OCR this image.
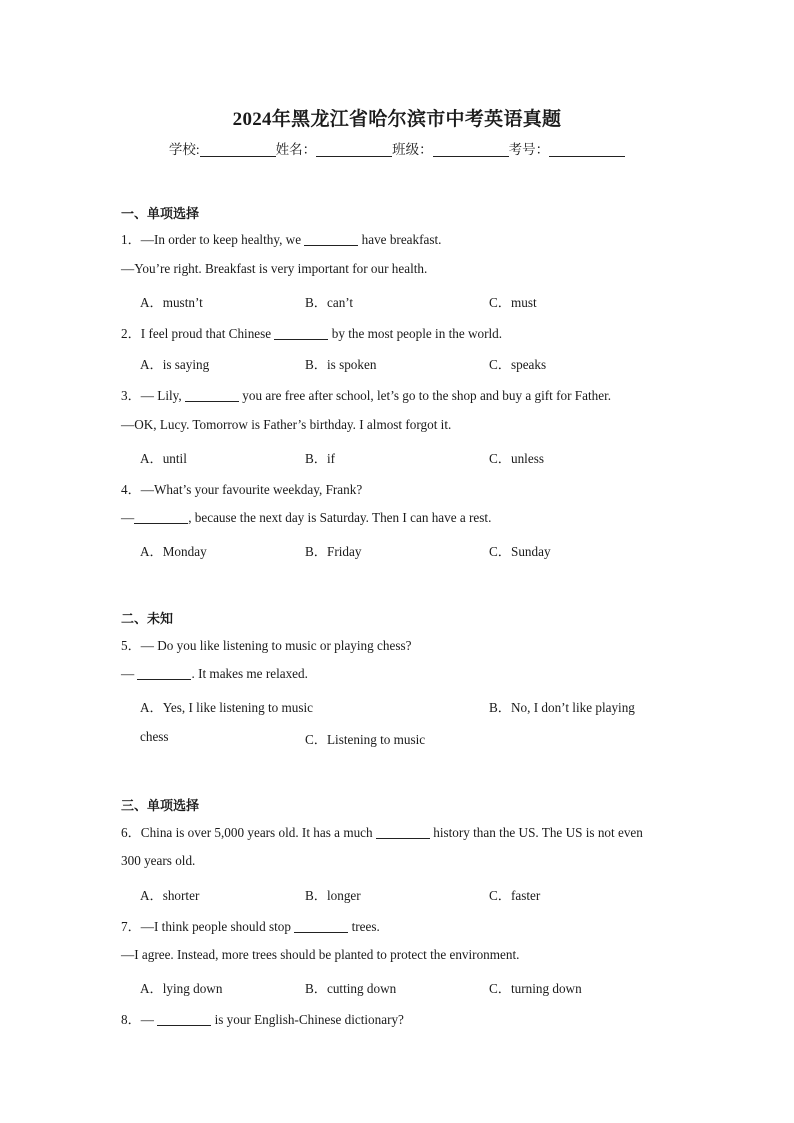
2024年黑龙江省哈尔滨市中考英语真题
学校:	姓名：	班级：	考号：
一、单项选择
1．—In order to keep healthy, we	have breakfast.
—You’re right. Breakfast is very important for our health.
A．mustn’t	B．can’t	C．must
2．I feel proud that Chinese	by the most people in the world.
A．is saying	B．is spoken	C．speaks
3．— Lily,	you are free after school, let’s go to the shop and buy a gift for Father.
—OK, Lucy. Tomorrow is Father’s birthday. I almost forgot it.
A．until	B．if	C．unless
4．—What’s your favourite weekday, Frank?
—	, because the next day is Saturday. Then I can have a rest.
A．Monday	B．Friday	C．Sunday
二、未知
5．— Do you like listening to music or playing chess?
—	. It makes me relaxed.
A．Yes, I like listening to music	B．No, I don’t like playing
chess	C．Listening to music
三、单项选择
6．China is over 5,000 years old. It has a much	history than the US. The US is not even
300 years old.
A．shorter	B．longer	C．faster
7．—I think people should stop	trees.
—I agree. Instead, more trees should be planted to protect the environment.
A．lying down	B．cutting down	C．turning down
8．—	is your English-Chinese dictionary?
